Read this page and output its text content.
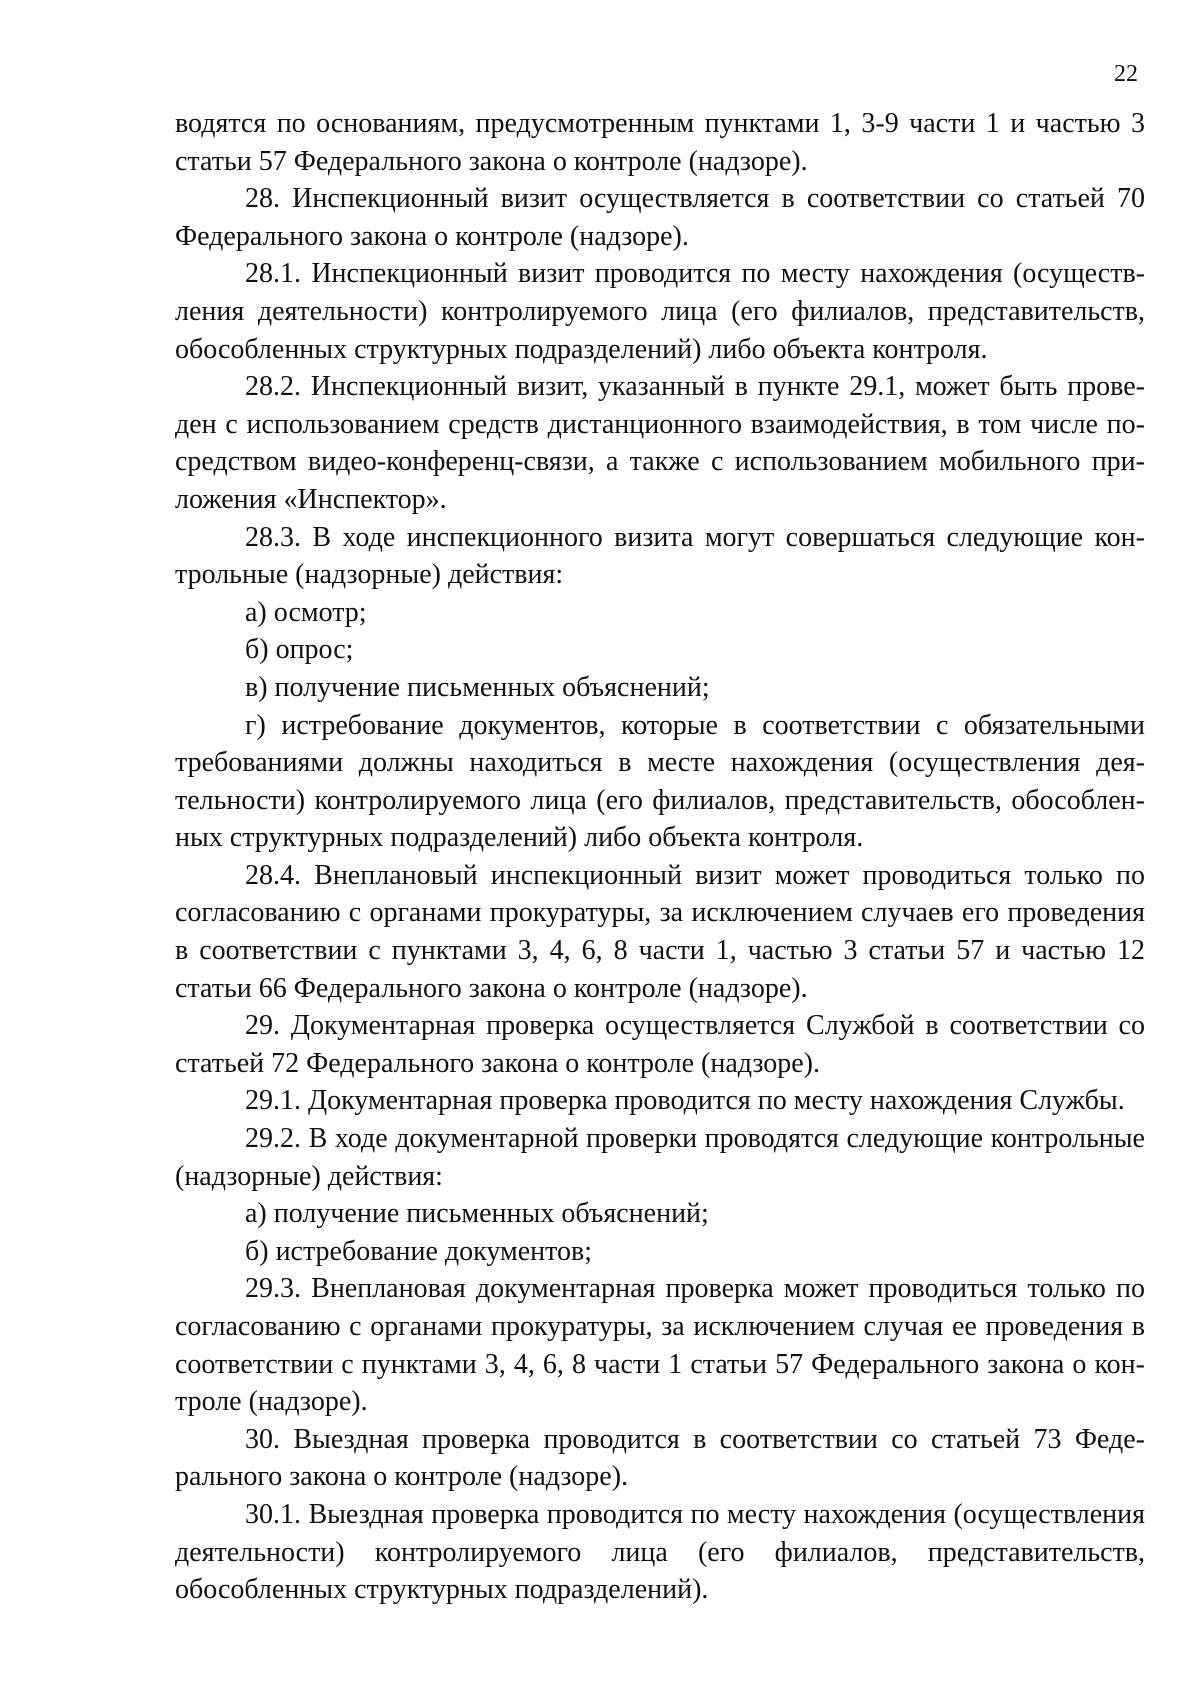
22

водятся по основаниям, предусмотренным пунктами 1, 3-9 части 1 и частью 3 статьи 57 Федерального закона о контроле (надзоре).

28. Инспекционный визит осуществляется в соответствии со статьей 70 Федерального закона о контроле (надзоре).

28.1. Инспекционный визит проводится по месту нахождения (осуществления деятельности) контролируемого лица (его филиалов, представительств, обособленных структурных подразделений) либо объекта контроля.

28.2. Инспекционный визит, указанный в пункте 29.1, может быть проведен с использованием средств дистанционного взаимодействия, в том числе посредством видео-конференц-связи, а также с использованием мобильного приложения «Инспектор».

28.3. В ходе инспекционного визита могут совершаться следующие контрольные (надзорные) действия:

а) осмотр;

б) опрос;

в) получение письменных объяснений;

г) истребование документов, которые в соответствии с обязательными требованиями должны находиться в месте нахождения (осуществления деятельности) контролируемого лица (его филиалов, представительств, обособленных структурных подразделений) либо объекта контроля.

28.4. Внеплановый инспекционный визит может проводиться только по согласованию с органами прокуратуры, за исключением случаев его проведения в соответствии с пунктами 3, 4, 6, 8 части 1, частью 3 статьи 57 и частью 12 статьи 66 Федерального закона о контроле (надзоре).

29. Документарная проверка осуществляется Службой в соответствии со статьей 72 Федерального закона о контроле (надзоре).

29.1. Документарная проверка проводится по месту нахождения Службы.

29.2. В ходе документарной проверки проводятся следующие контрольные (надзорные) действия:

а) получение письменных объяснений;

б) истребование документов;

29.3. Внеплановая документарная проверка может проводиться только по согласованию с органами прокуратуры, за исключением случая ее проведения в соответствии с пунктами 3, 4, 6, 8 части 1 статьи 57 Федерального закона о контроле (надзоре).

30. Выездная проверка проводится в соответствии со статьей 73 Федерального закона о контроле (надзоре).

30.1. Выездная проверка проводится по месту нахождения (осуществления деятельности) контролируемого лица (его филиалов, представительств, обособленных структурных подразделений).
